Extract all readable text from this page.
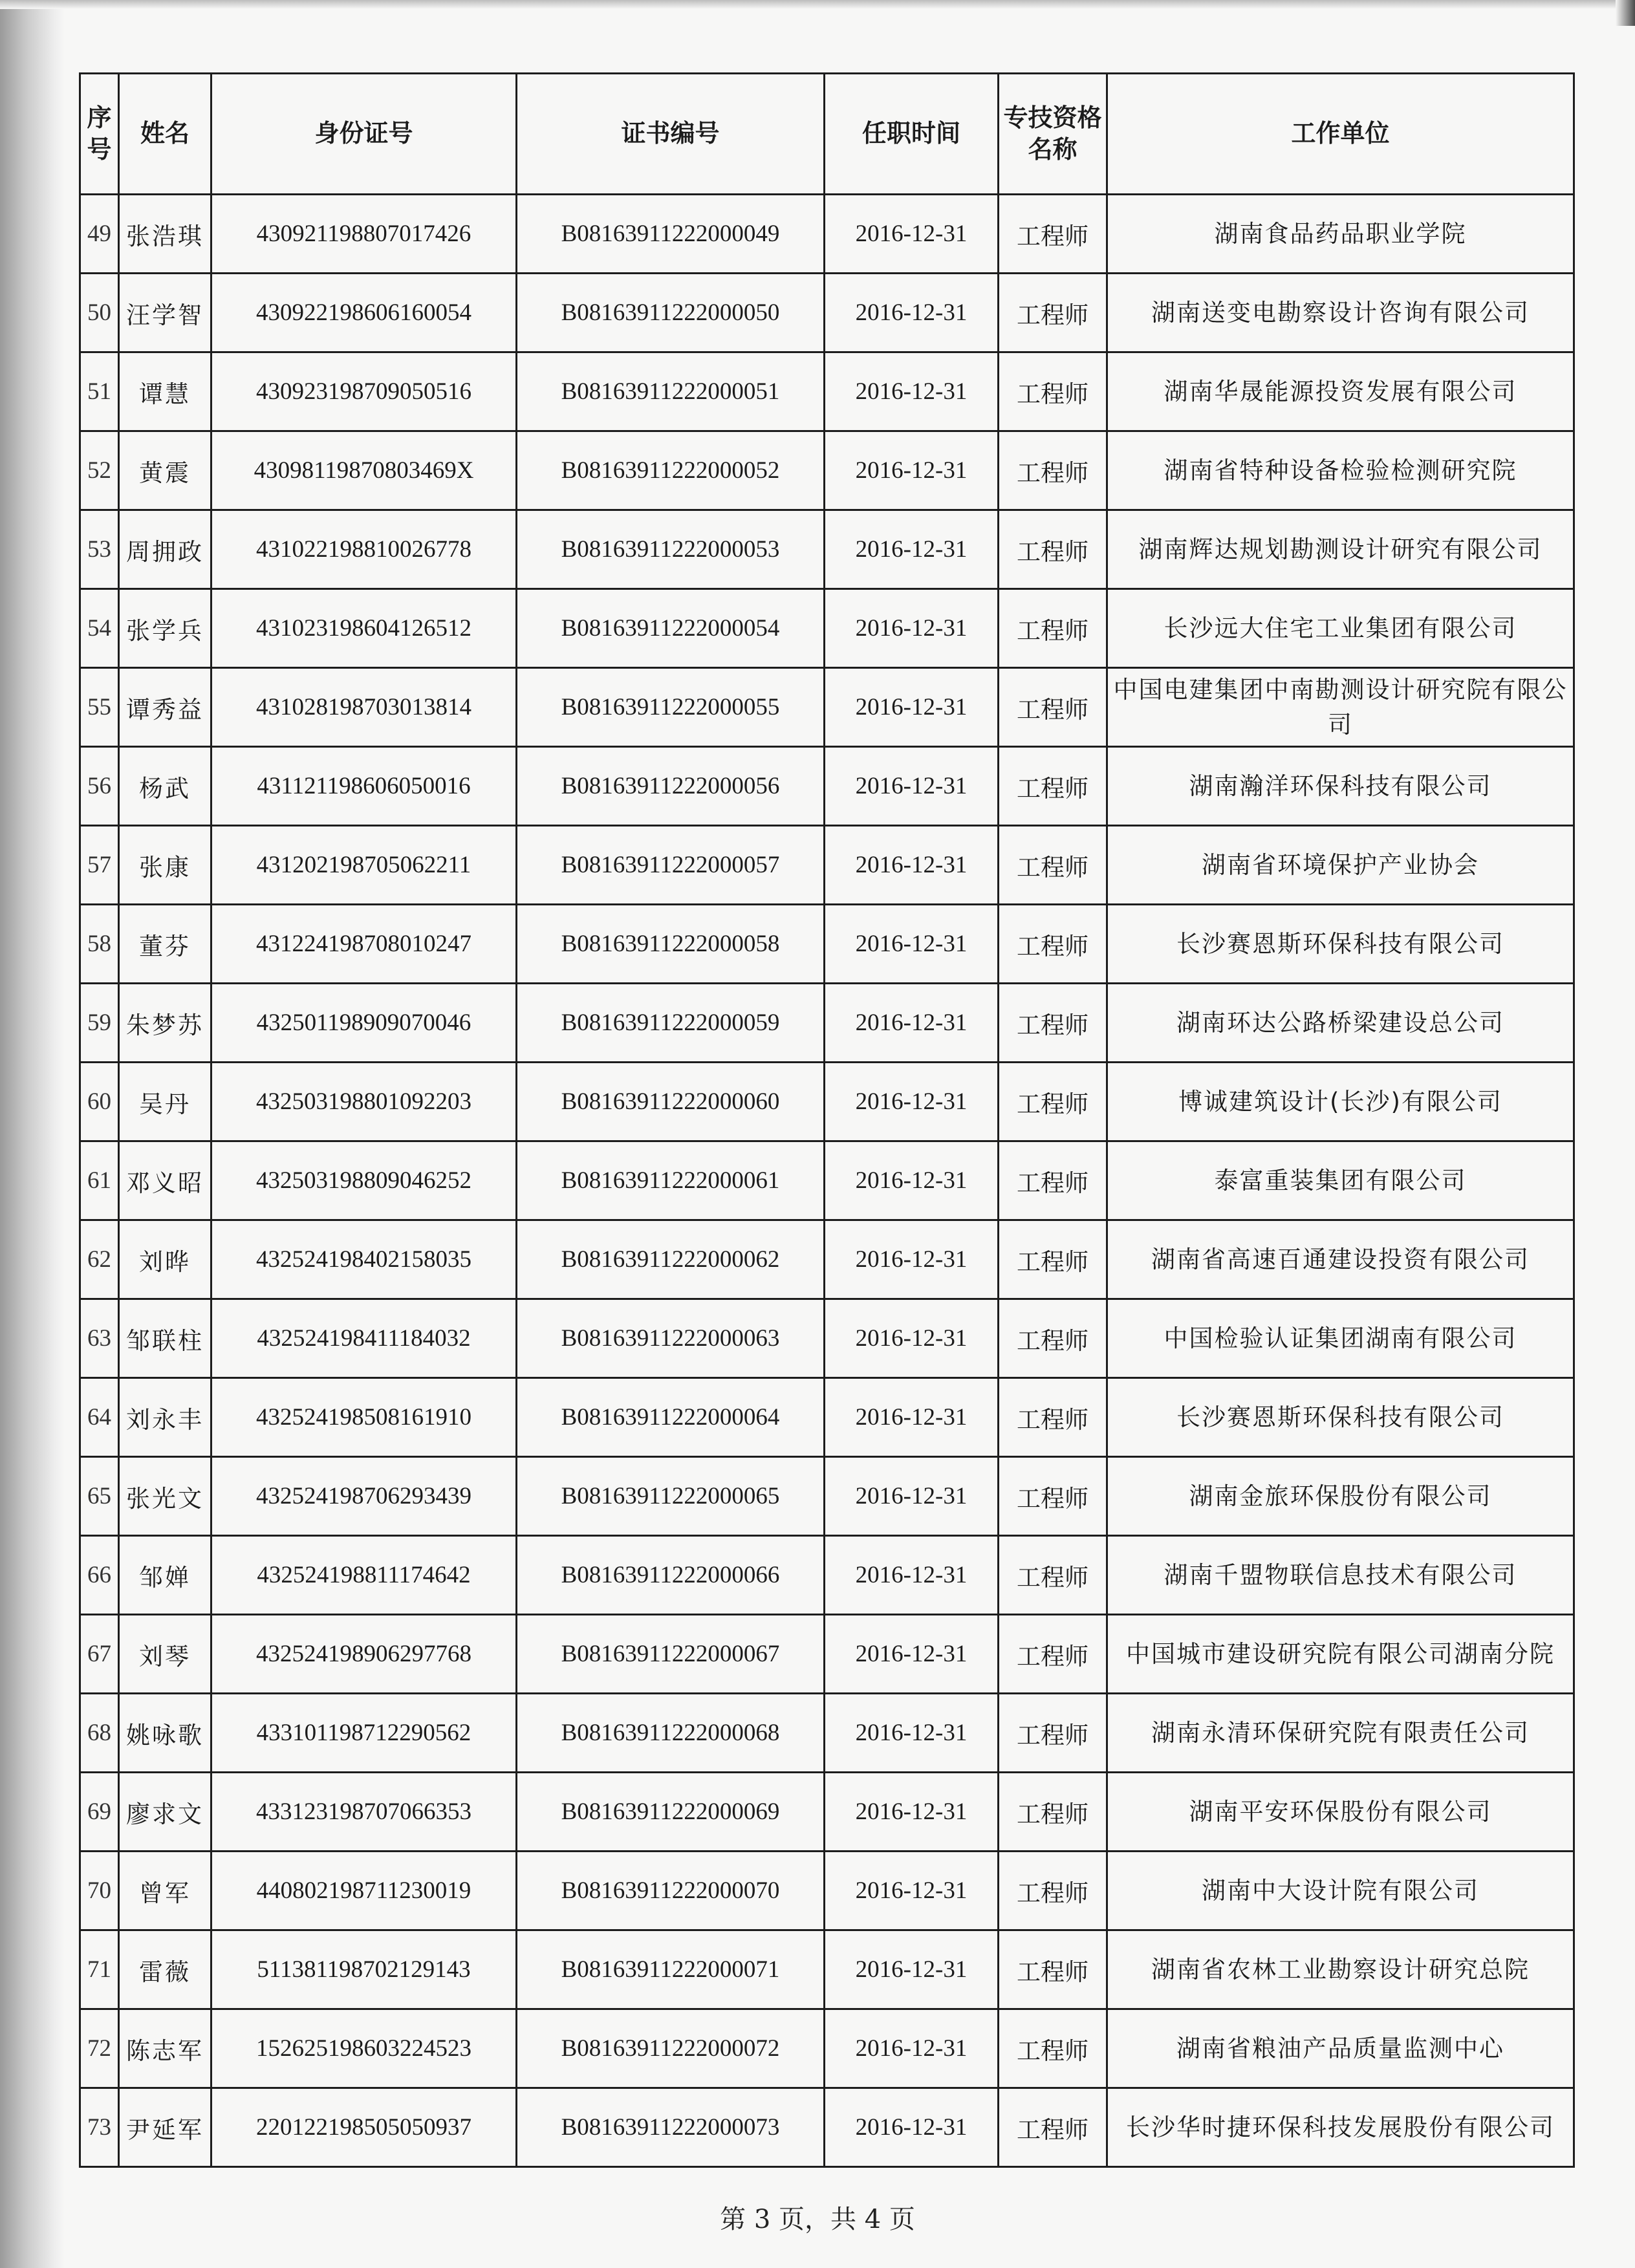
序号	姓名	身份证号	证书编号	任职时间	专技资格名称	工作单位
49	张浩琪	430921198807017426	B08163911222000049	2016-12-31	工程师	湖南食品药品职业学院
50	汪学智	430922198606160054	B08163911222000050	2016-12-31	工程师	湖南送变电勘察设计咨询有限公司
51	谭慧	430923198709050516	B08163911222000051	2016-12-31	工程师	湖南华晟能源投资发展有限公司
52	黄震	43098119870803469X	B08163911222000052	2016-12-31	工程师	湖南省特种设备检验检测研究院
53	周拥政	431022198810026778	B08163911222000053	2016-12-31	工程师	湖南辉达规划勘测设计研究有限公司
54	张学兵	431023198604126512	B08163911222000054	2016-12-31	工程师	长沙远大住宅工业集团有限公司
55	谭秀益	431028198703013814	B08163911222000055	2016-12-31	工程师	中国电建集团中南勘测设计研究院有限公司
56	杨武	431121198606050016	B08163911222000056	2016-12-31	工程师	湖南瀚洋环保科技有限公司
57	张康	431202198705062211	B08163911222000057	2016-12-31	工程师	湖南省环境保护产业协会
58	董芬	431224198708010247	B08163911222000058	2016-12-31	工程师	长沙赛恩斯环保科技有限公司
59	朱梦苏	432501198909070046	B08163911222000059	2016-12-31	工程师	湖南环达公路桥梁建设总公司
60	吴丹	432503198801092203	B08163911222000060	2016-12-31	工程师	博诚建筑设计(长沙)有限公司
61	邓义昭	432503198809046252	B08163911222000061	2016-12-31	工程师	泰富重装集团有限公司
62	刘晔	432524198402158035	B08163911222000062	2016-12-31	工程师	湖南省高速百通建设投资有限公司
63	邹联柱	432524198411184032	B08163911222000063	2016-12-31	工程师	中国检验认证集团湖南有限公司
64	刘永丰	432524198508161910	B08163911222000064	2016-12-31	工程师	长沙赛恩斯环保科技有限公司
65	张光文	432524198706293439	B08163911222000065	2016-12-31	工程师	湖南金旅环保股份有限公司
66	邹婵	432524198811174642	B08163911222000066	2016-12-31	工程师	湖南千盟物联信息技术有限公司
67	刘琴	432524198906297768	B08163911222000067	2016-12-31	工程师	中国城市建设研究院有限公司湖南分院
68	姚咏歌	433101198712290562	B08163911222000068	2016-12-31	工程师	湖南永清环保研究院有限责任公司
69	廖求文	433123198707066353	B08163911222000069	2016-12-31	工程师	湖南平安环保股份有限公司
70	曾军	440802198711230019	B08163911222000070	2016-12-31	工程师	湖南中大设计院有限公司
71	雷薇	511381198702129143	B08163911222000071	2016-12-31	工程师	湖南省农林工业勘察设计研究总院
72	陈志军	152625198603224523	B08163911222000072	2016-12-31	工程师	湖南省粮油产品质量监测中心
73	尹延军	220122198505050937	B08163911222000073	2016-12-31	工程师	长沙华时捷环保科技发展股份有限公司
第 3 页，共 4 页
